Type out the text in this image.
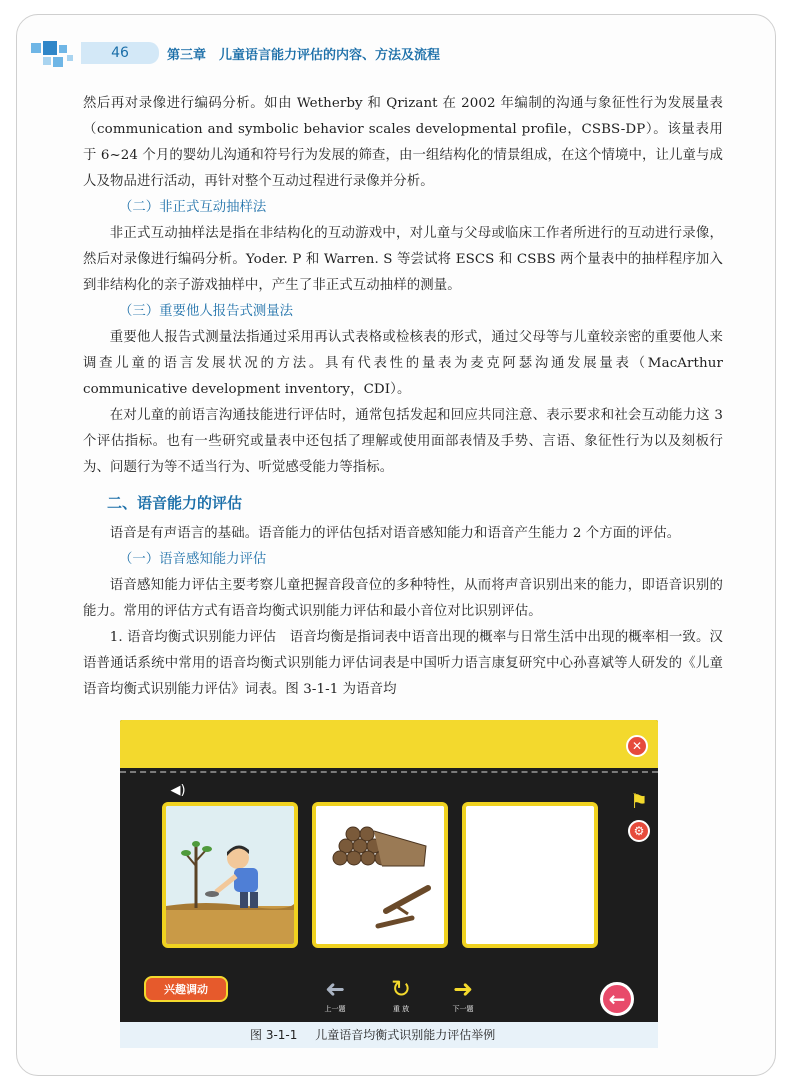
46	第三章　儿童语言能力评估的内容、方法及流程

然后再对录像进行编码分析。如由 Wetherby 和 Qrizant 在 2002 年编制的沟通与象征性行为发展量表（communication and symbolic behavior scales developmental profile，CSBS-DP）。该量表用于 6~24 个月的婴幼儿沟通和符号行为发展的筛查，由一组结构化的情景组成，在这个情境中，让儿童与成人及物品进行活动，再针对整个互动过程进行录像并分析。

（二）非正式互动抽样法

非正式互动抽样法是指在非结构化的互动游戏中，对儿童与父母或临床工作者所进行的互动进行录像，然后对录像进行编码分析。Yoder. P 和 Warren. S 等尝试将 ESCS 和 CSBS 两个量表中的抽样程序加入到非结构化的亲子游戏抽样中，产生了非正式互动抽样的测量。

（三）重要他人报告式测量法

重要他人报告式测量法指通过采用再认式表格或检核表的形式，通过父母等与儿童较亲密的重要他人来调查儿童的语言发展状况的方法。具有代表性的量表为麦克阿瑟沟通发展量表（MacArthur communicative development inventory，CDI）。

在对儿童的前语言沟通技能进行评估时，通常包括发起和回应共同注意、表示要求和社会互动能力这 3 个评估指标。也有一些研究或量表中还包括了理解或使用面部表情及手势、言语、象征性行为以及刻板行为、问题行为等不适当行为、听觉感受能力等指标。

二、语音能力的评估

语音是有声语言的基础。语音能力的评估包括对语音感知能力和语音产生能力 2 个方面的评估。

（一）语音感知能力评估

语音感知能力评估主要考察儿童把握音段音位的多种特性，从而将声音识别出来的能力，即语音识别的能力。常用的评估方式有语音均衡式识别能力评估和最小音位对比识别评估。

1. 语音均衡式识别能力评估　语音均衡是指词表中语音出现的概率与日常生活中出现的概率相一致。汉语普通话系统中常用的语音均衡式识别能力评估词表是中国听力语言康复研究中心孙喜斌等人研发的《儿童语音均衡式识别能力评估》词表。图 3-1-1 为语音均

✕
⚑
⚙
◀)
兴趣调动	➜
上一题
↻
重 放
➜
下一题	←
图 3-1-1 儿童语音均衡式识别能力评估举例
